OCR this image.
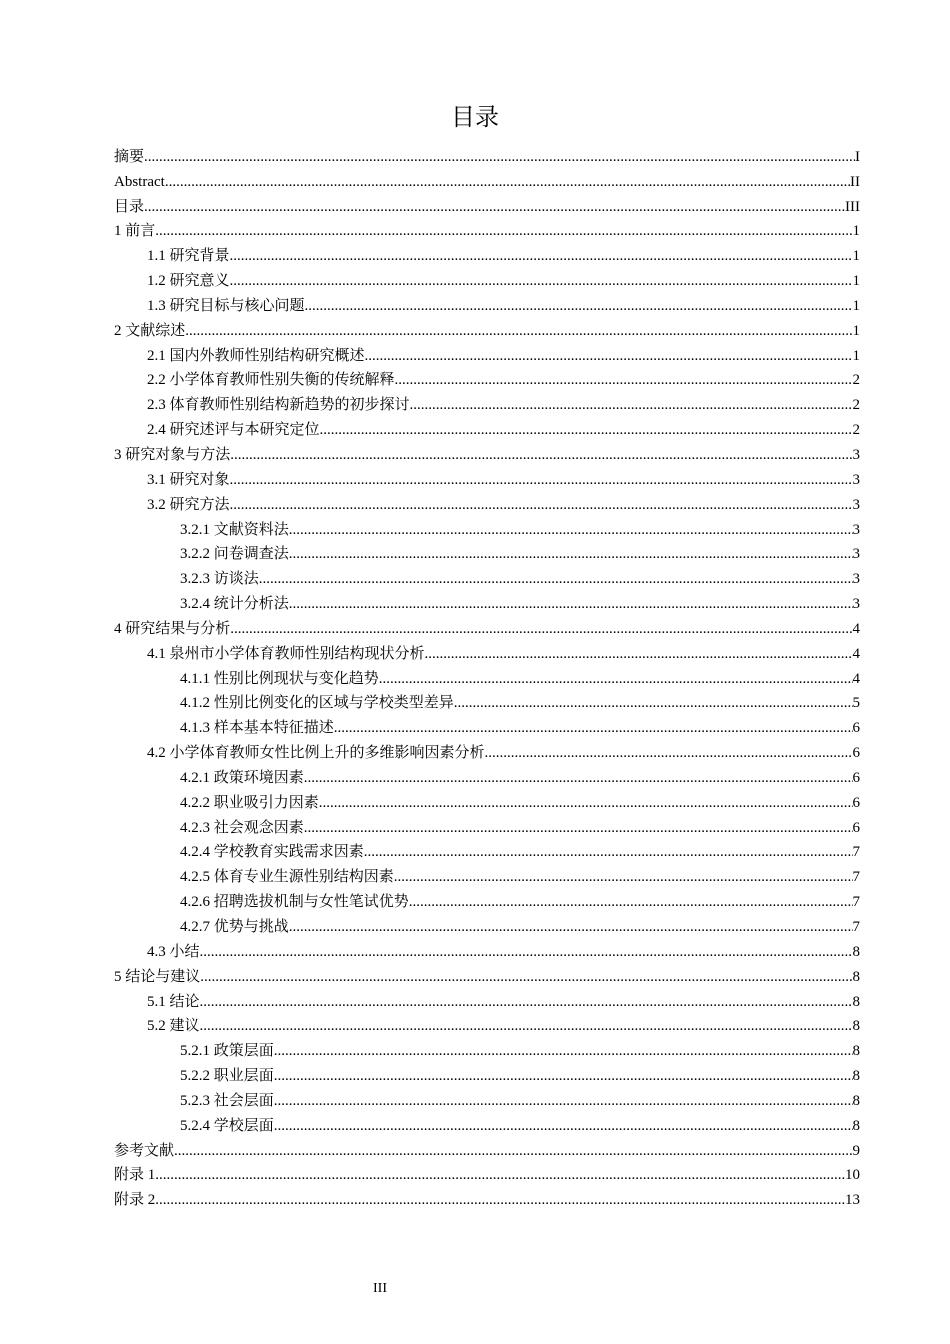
目录
摘要 .....	I
Abstract .....	II
目录 .....	III
1 前言 .....	1
1.1 研究背景 .....	1
1.2 研究意义 .....	1
1.3 研究目标与核心问题 .....	1
2 文献综述 .....	1
2.1 国内外教师性别结构研究概述 .....	1
2.2 小学体育教师性别失衡的传统解释 .....	2
2.3 体育教师性别结构新趋势的初步探讨 .....	2
2.4 研究述评与本研究定位 .....	2
3 研究对象与方法 .....	3
3.1 研究对象 .....	3
3.2 研究方法 .....	3
3.2.1 文献资料法 .....	3
3.2.2 问卷调查法 .....	3
3.2.3 访谈法 .....	3
3.2.4 统计分析法 .....	3
4 研究结果与分析 .....	4
4.1 泉州市小学体育教师性别结构现状分析 .....	4
4.1.1 性别比例现状与变化趋势 .....	4
4.1.2 性别比例变化的区域与学校类型差异 .....	5
4.1.3 样本基本特征描述 .....	6
4.2 小学体育教师女性比例上升的多维影响因素分析 .....	6
4.2.1 政策环境因素 .....	6
4.2.2 职业吸引力因素 .....	6
4.2.3 社会观念因素 .....	6
4.2.4 学校教育实践需求因素 .....	7
4.2.5 体育专业生源性别结构因素 .....	7
4.2.6 招聘选拔机制与女性笔试优势 .....	7
4.2.7 优势与挑战 .....	7
4.3 小结 .....	8
5 结论与建议 .....	8
5.1 结论 .....	8
5.2 建议 .....	8
5.2.1 政策层面 .....	8
5.2.2 职业层面 .....	8
5.2.3 社会层面 .....	8
5.2.4 学校层面 .....	8
参考文献 .....	9
附录 1 .....	10
附录 2 .....	13
III
